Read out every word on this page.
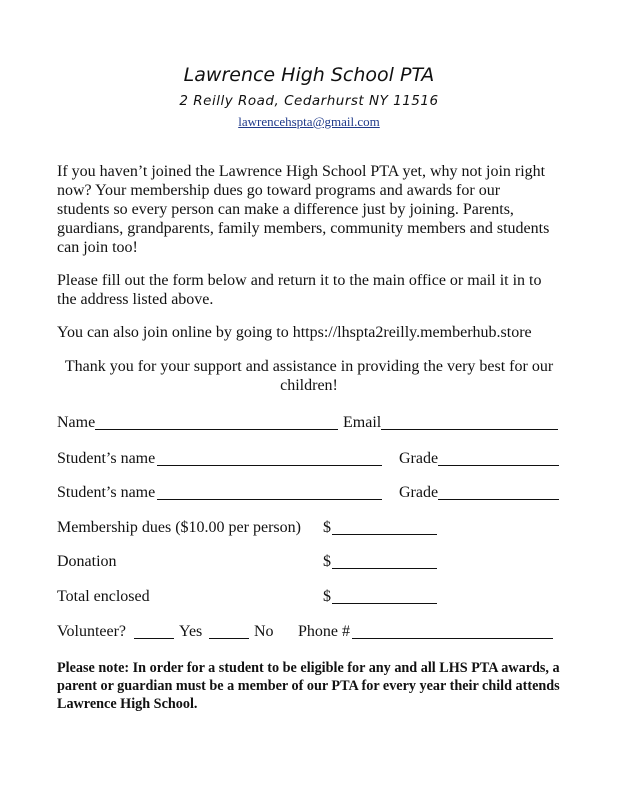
Lawrence High School PTA
2 Reilly Road, Cedarhurst NY 11516
lawrencehspta@gmail.com
If you haven’t joined the Lawrence High School PTA yet, why not join right
now? Your membership dues go toward programs and awards for our
students so every person can make a difference just by joining. Parents,
guardians, grandparents, family members, community members and students
can join too!
Please fill out the form below and return it to the main office or mail it in to
the address listed above.
You can also join online by going to https://lhspta2reilly.memberhub.store
Thank you for your support and assistance in providing the very best for our
children!
Name	Email
Student’s name	Grade
Student’s name	Grade
Membership dues ($10.00 per person) $
Donation	$
Total enclosed	$
Volunteer?	Yes	No Phone #
Please note: In order for a student to be eligible for any and all LHS PTA awards, a
parent or guardian must be a member of our PTA for every year their child attends
Lawrence High School.
